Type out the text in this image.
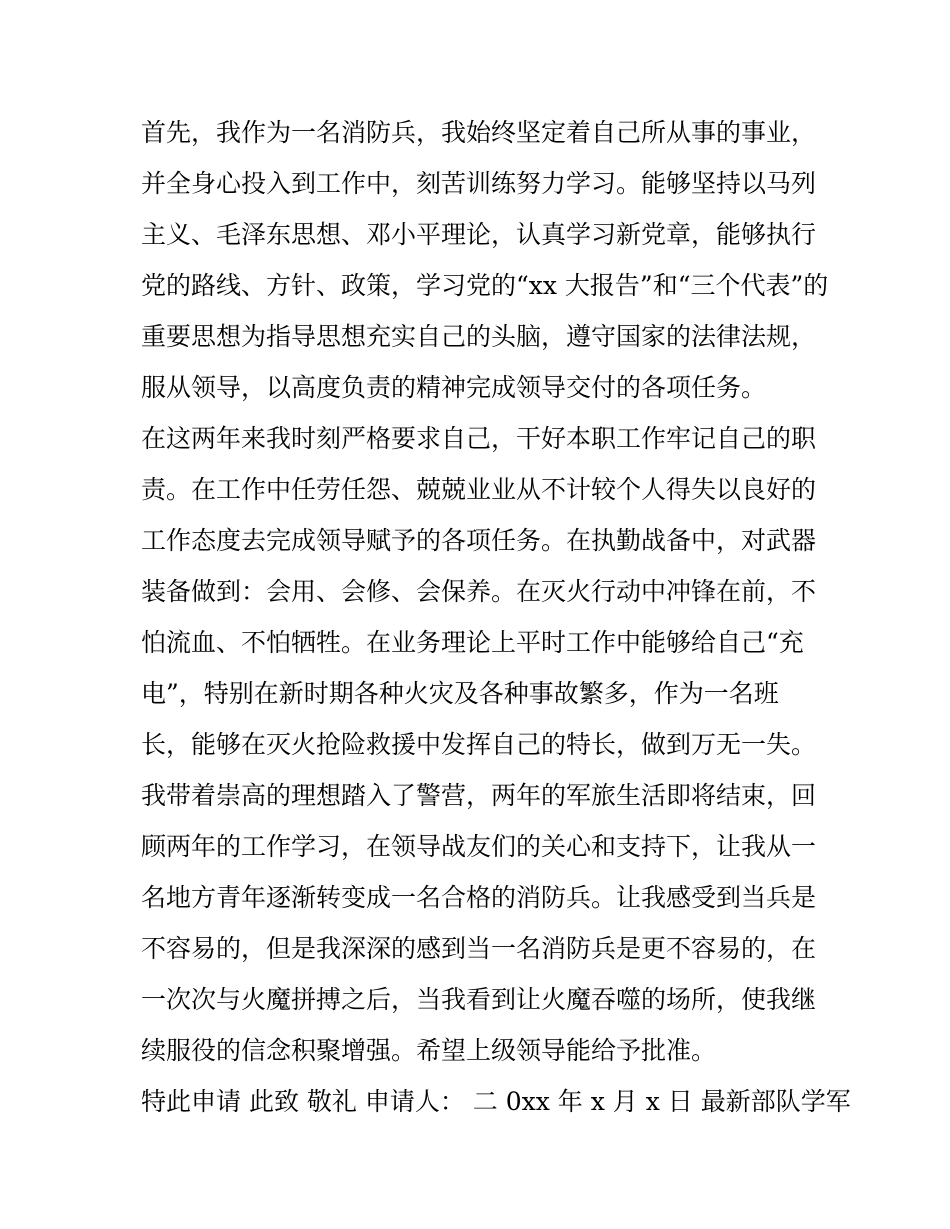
首先，我作为一名消防兵，我始终坚定着自己所从事的事业，
并全身心投入到工作中，刻苦训练努力学习。能够坚持以马列
主义、毛泽东思想、邓小平理论，认真学习新党章，能够执行
党的路线、方针、政策，学习党的“xx 大报告”和“三个代表”的
重要思想为指导思想充实自己的头脑，遵守国家的法律法规，
服从领导，以高度负责的精神完成领导交付的各项任务。
在这两年来我时刻严格要求自己，干好本职工作牢记自己的职
责。在工作中任劳任怨、兢兢业业从不计较个人得失以良好的
工作态度去完成领导赋予的各项任务。在执勤战备中，对武器
装备做到：会用、会修、会保养。在灭火行动中冲锋在前，不
怕流血、不怕牺牲。在业务理论上平时工作中能够给自己“充
电”，特别在新时期各种火灾及各种事故繁多，作为一名班
长，能够在灭火抢险救援中发挥自己的特长，做到万无一失。
我带着崇高的理想踏入了警营，两年的军旅生活即将结束，回
顾两年的工作学习，在领导战友们的关心和支持下，让我从一
名地方青年逐渐转变成一名合格的消防兵。让我感受到当兵是
不容易的，但是我深深的感到当一名消防兵是更不容易的，在
一次次与火魔拼搏之后，当我看到让火魔吞噬的场所，使我继
续服役的信念积聚增强。希望上级领导能给予批准。
特此申请 此致 敬礼 申请人： 二 0xx 年 x 月 x 日 最新部队学军
